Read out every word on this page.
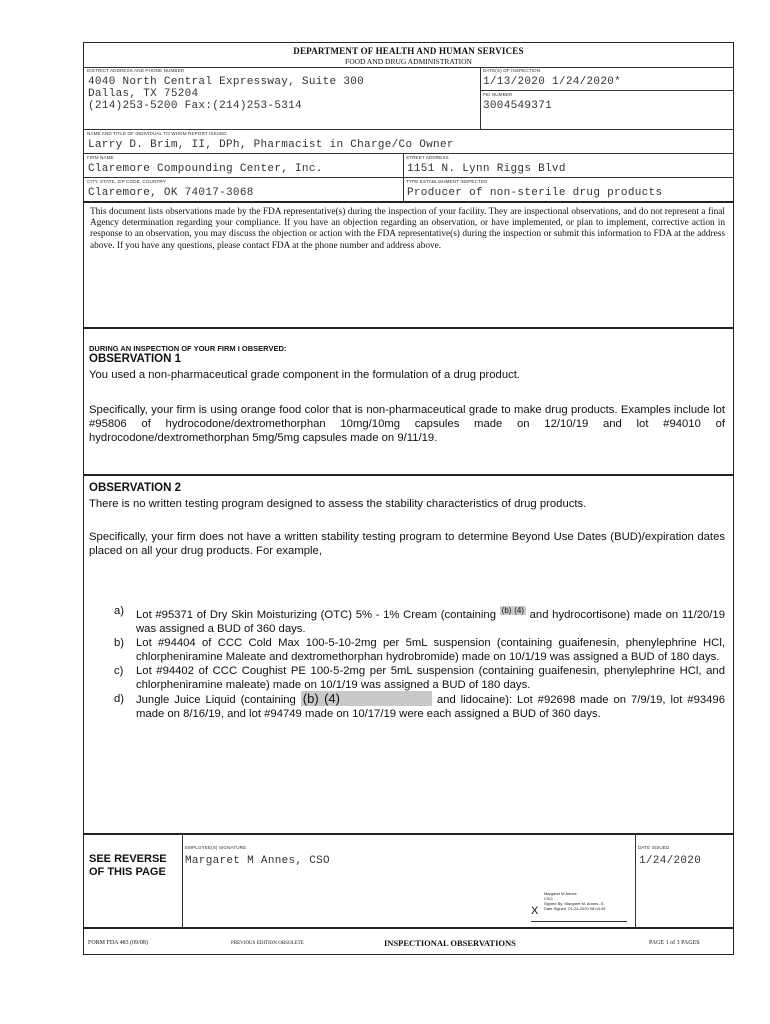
DEPARTMENT OF HEALTH AND HUMAN SERVICES
FOOD AND DRUG ADMINISTRATION
DISTRICT ADDRESS AND PHONE NUMBER
4040 North Central Expressway, Suite 300
Dallas, TX 75204
(214)253-5200 Fax:(214)253-5314
DATE(S) OF INSPECTION
1/13/2020 1/24/2020*
FEI NUMBER
3004549371
NAME AND TITLE OF INDIVIDUAL TO WHOM REPORT ISSUED
Larry D. Brim, II, DPh, Pharmacist in Charge/Co Owner
FIRM NAME
Claremore Compounding Center, Inc.
STREET ADDRESS
1151 N. Lynn Riggs Blvd
CITY, STATE, ZIP CODE, COUNTRY
Claremore, OK 74017-3068
TYPE ESTABLISHMENT INSPECTED
Producer of non-sterile drug products
This document lists observations made by the FDA representative(s) during the inspection of your facility. They are inspectional observations, and do not represent a final Agency determination regarding your compliance. If you have an objection regarding an observation, or have implemented, or plan to implement, corrective action in response to an observation, you may discuss the objection or action with the FDA representative(s) during the inspection or submit this information to FDA at the address above. If you have any questions, please contact FDA at the phone number and address above.
DURING AN INSPECTION OF YOUR FIRM I OBSERVED:
OBSERVATION 1
You used a non-pharmaceutical grade component in the formulation of a drug product.
Specifically, your firm is using orange food color that is non-pharmaceutical grade to make drug products. Examples include lot #95806 of hydrocodone/dextromethorphan 10mg/10mg capsules made on 12/10/19 and lot #94010 of hydrocodone/dextromethorphan 5mg/5mg capsules made on 9/11/19.
OBSERVATION 2
There is no written testing program designed to assess the stability characteristics of drug products.
Specifically, your firm does not have a written stability testing program to determine Beyond Use Dates (BUD)/expiration dates placed on all your drug products. For example,
a)	Lot #95371 of Dry Skin Moisturizing (OTC) 5% - 1% Cream (containing $^{(b) (4)}$ and hydrocortisone) made on 11/20/19 was assigned a BUD of 360 days.
b)	Lot #94404 of CCC Cold Max 100-5-10-2mg per 5mL suspension (containing guaifenesin, phenylephrine HCl, chlorpheniramine Maleate and dextromethorphan hydrobromide) made on 10/1/19 was assigned a BUD of 180 days.
c)	Lot #94402 of CCC Coughist PE 100-5-2mg per 5mL suspension (containing guaifenesin, phenylephrine HCl, and chlorpheniramine maleate) made on 10/1/19 was assigned a BUD of 180 days.
d)	Jungle Juice Liquid (containing (b) (4)	and lidocaine): Lot #92698 made on 7/9/19, lot #93496 made on 8/16/19, and lot #94749 made on 10/17/19 were each assigned a BUD of 360 days.
SEE REVERSE
OF THIS PAGE
EMPLOYEE(S) SIGNATURE
Margaret M Annes, CSO
DATE ISSUED
1/24/2020
X
Margaret M Annes
CSO
Signed By: Margaret M. Annes -S
Date Signed: 01-24-2020 08:04:39
FORM FDA 483 (09/08)	PREVIOUS EDITION OBSOLETE	INSPECTIONAL OBSERVATIONS	PAGE 1 of 3 PAGES
